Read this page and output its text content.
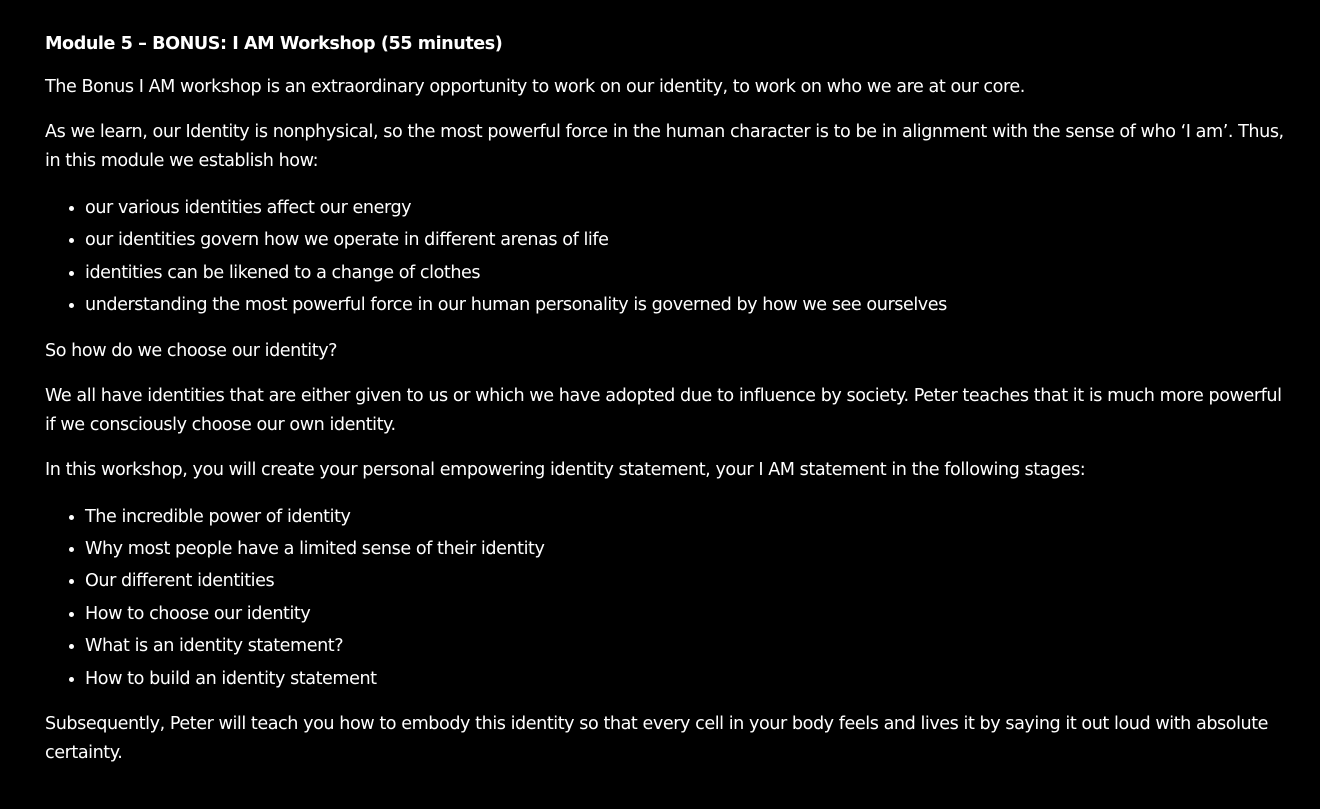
Module 5 – BONUS: I AM Workshop (55 minutes)

The Bonus I AM workshop is an extraordinary opportunity to work on our identity, to work on who we are at our core.

As we learn, our Identity is nonphysical, so the most powerful force in the human character is to be in alignment with the sense of who ‘I am’. Thus, in this module we establish how:

our various identities affect our energy
our identities govern how we operate in different arenas of life
identities can be likened to a change of clothes
understanding the most powerful force in our human personality is governed by how we see ourselves

So how do we choose our identity?

We all have identities that are either given to us or which we have adopted due to influence by society. Peter teaches that it is much more powerful if we consciously choose our own identity.

In this workshop, you will create your personal empowering identity statement, your I AM statement in the following stages:

The incredible power of identity
Why most people have a limited sense of their identity
Our different identities
How to choose our identity
What is an identity statement?
How to build an identity statement

Subsequently, Peter will teach you how to embody this identity so that every cell in your body feels and lives it by saying it out loud with absolute certainty.
